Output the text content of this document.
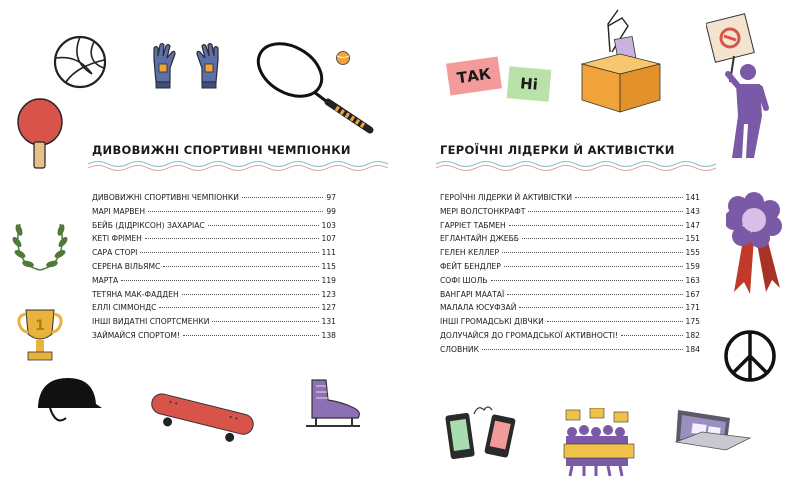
ДИВОВИЖНІ СПОРТИВНІ ЧЕМПІОНКИ
ДИВОВИЖНІ СПОРТИВНІ ЧЕМПІОНКИ	97
МАРІ МАРВЕН	99
БЕЙБ (ДІДРІКСОН) ЗАХАРІАС	103
КЕТІ ФРІМЕН	107
САРА СТОРІ	111
СЕРЕНА ВІЛЬЯМС	115
МАРТА	119
ТЕТЯНА МАК-ФАДДЕН	123
ЕЛЛІ СІММОНДС	127
ІНШІ ВИДАТНІ СПОРТСМЕНКИ	131
ЗАЙМАЙСЯ СПОРТОМ!	138
1
ГЕРОЇЧНІ ЛІДЕРКИ Й АКТИВІСТКИ
ГЕРОЇЧНІ ЛІДЕРКИ Й АКТИВІСТКИ	141
МЕРІ ВОЛСТОНКРАФТ	143
ГАРРІЄТ ТАБМЕН	147
ЕГЛАНТАЙН ДЖЕББ	151
ГЕЛЕН КЕЛЛЕР	155
ФЕЙТ БЕНДЛЕР	159
СОФІ ШОЛЬ	163
ВАНГАРІ МААТАЇ	167
МАЛАЛА ЮСУФЗАЙ	171
ІНШІ ГРОМАДСЬКІ ДІВЧКИ	175
ДОЛУЧАЙСЯ ДО ГРОМАДСЬКОЇ АКТИВНОСТІ!	182
СЛОВНИК	184
ТАК Ні
